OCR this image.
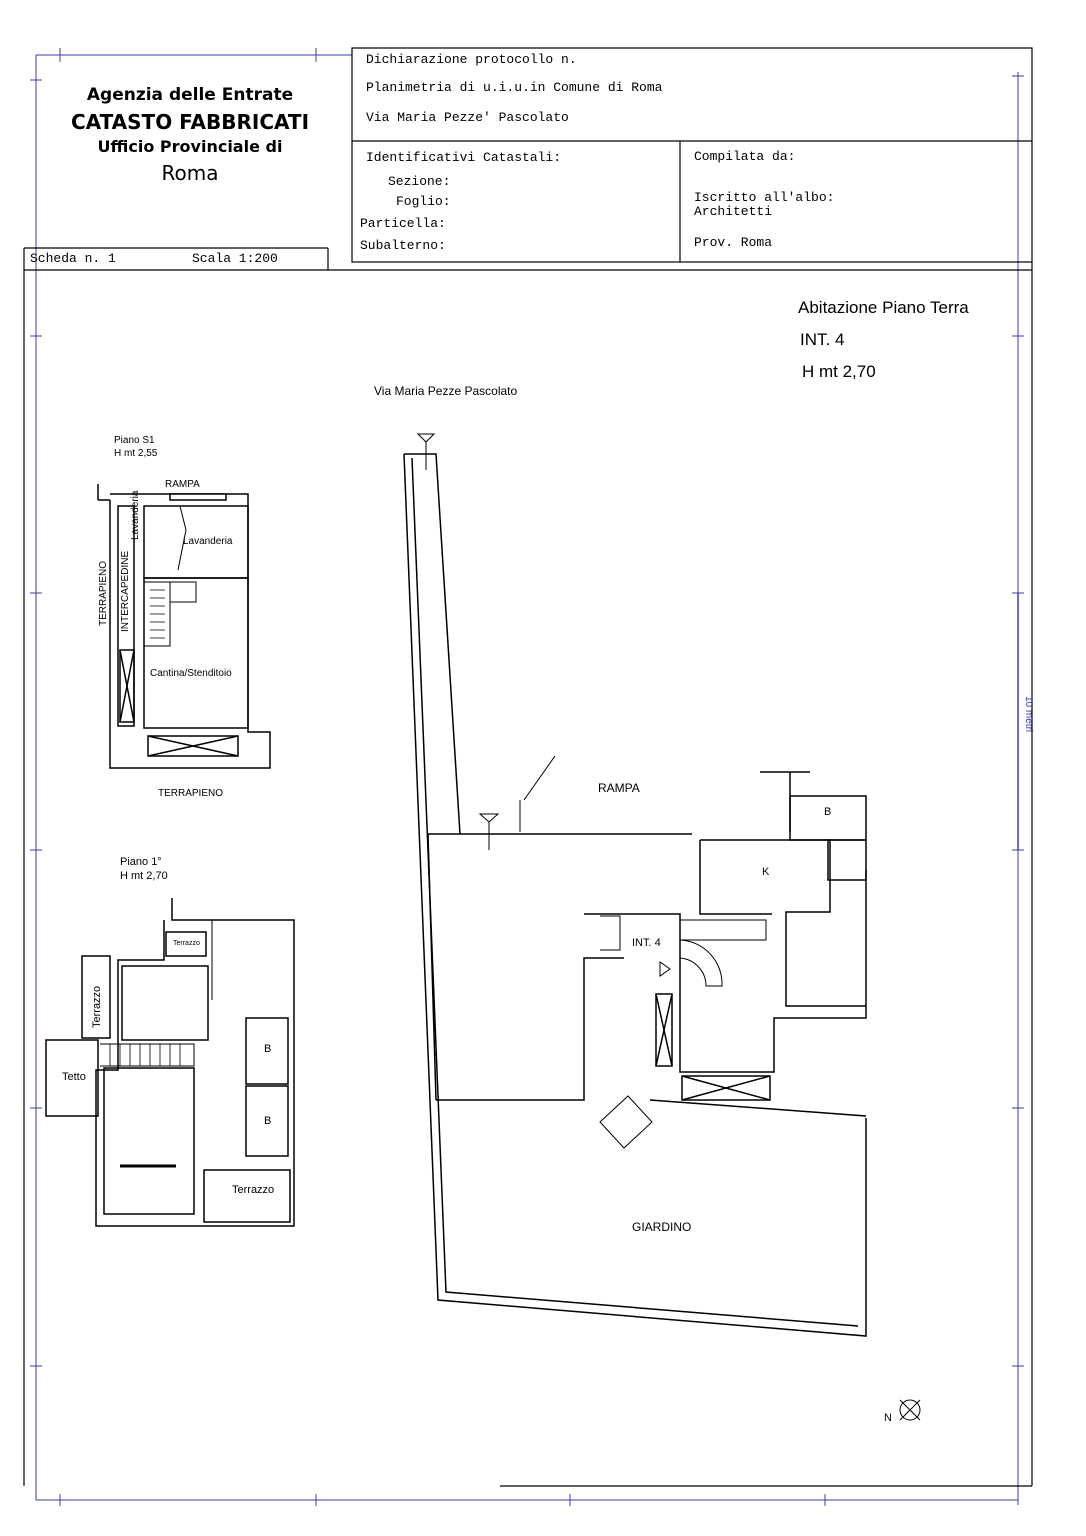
Agenzia delle Entrate
CATASTO FABBRICATI
Ufficio Provinciale di
Roma
Dichiarazione protocollo n.
Planimetria di u.i.u.in Comune di Roma
Via Maria Pezze' Pascolato
Identificativi Catastali:
Sezione:
Foglio:
Particella:
Subalterno:
Compilata da:
Iscritto all'albo:
Architetti
Prov. Roma
Scheda n. 1	Scala 1:200
Abitazione Piano Terra
INT. 4
H mt 2,70
Via Maria Pezze Pascolato
Piano S1
H mt 2,55
RAMPA
Lavanderia
Lavanderia
TERRAPIENO INTERCAPEDINE
Cantina/Stenditoio
TERRAPIENO
Piano 1°
H mt 2,70
Terrazzo
Terrazzo
Tetto
B
B
Terrazzo
RAMPA
B
K
INT. 4
GIARDINO
10 metri
N
